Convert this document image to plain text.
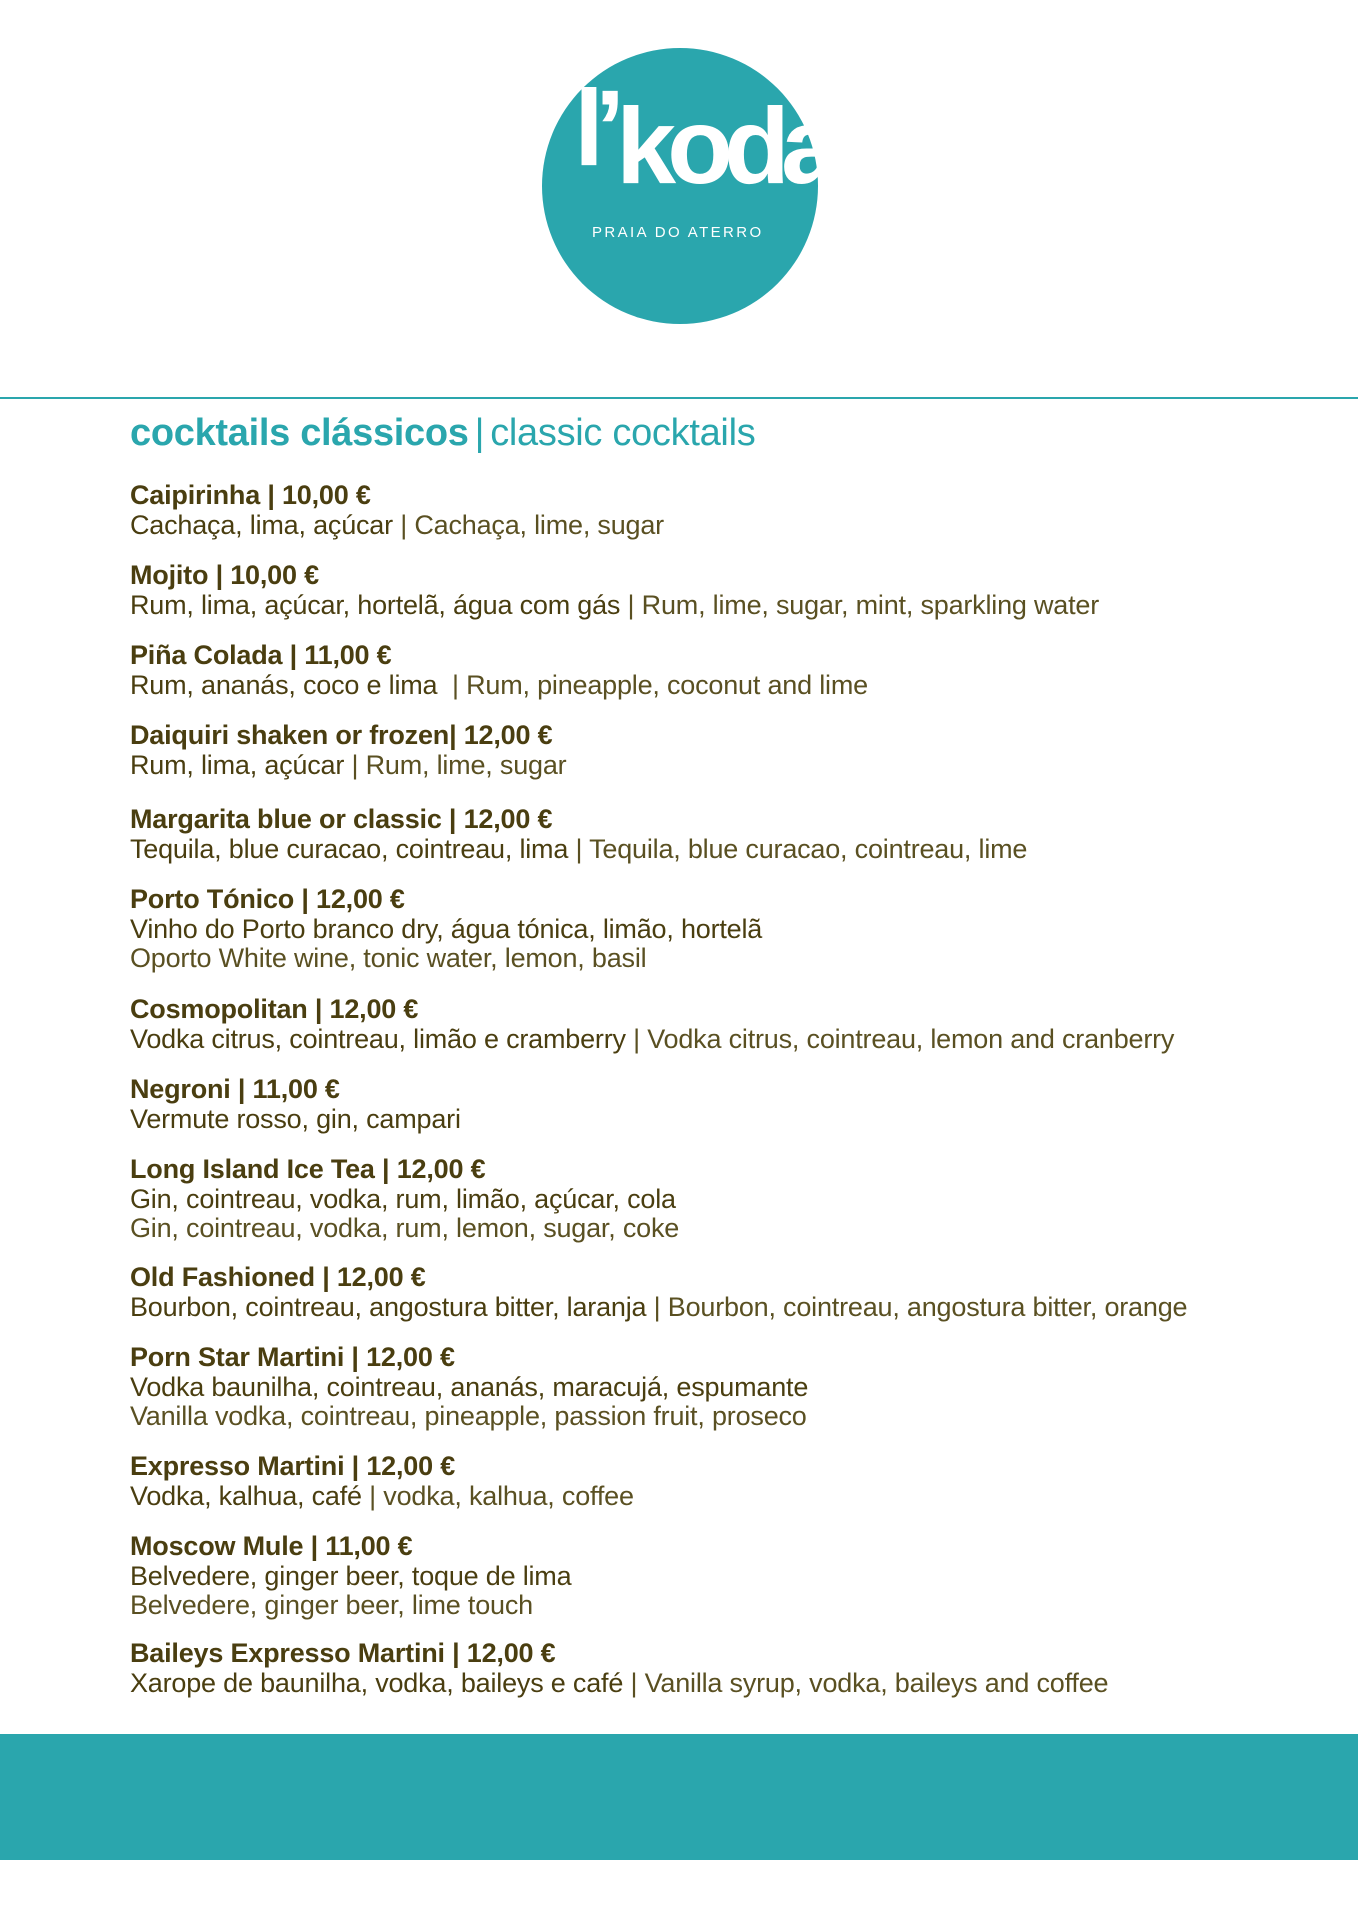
l’kodac
PRAIA DO ATERRO
cocktails clássicos | classic cocktails
Caipirinha | 10,00 €
Cachaça, lima, açúcar | Cachaça, lime, sugar
Mojito | 10,00 €
Rum, lima, açúcar, hortelã, água com gás | Rum, lime, sugar, mint, sparkling water
Piña Colada | 11,00 €
Rum, ananás, coco e lima  | Rum, pineapple, coconut and lime
Daiquiri shaken or frozen| 12,00 €
Rum, lima, açúcar | Rum, lime, sugar
Margarita blue or classic | 12,00 €
Tequila, blue curacao, cointreau, lima | Tequila, blue curacao, cointreau, lime
Porto Tónico | 12,00 €
Vinho do Porto branco dry, água tónica, limão, hortelã
Oporto White wine, tonic water, lemon, basil
Cosmopolitan | 12,00 €
Vodka citrus, cointreau, limão e cramberry | Vodka citrus, cointreau, lemon and cranberry
Negroni | 11,00 €
Vermute rosso, gin, campari
Long Island Ice Tea | 12,00 €
Gin, cointreau, vodka, rum, limão, açúcar, cola
Gin, cointreau, vodka, rum, lemon, sugar, coke
Old Fashioned | 12,00 €
Bourbon, cointreau, angostura bitter, laranja | Bourbon, cointreau, angostura bitter, orange
Porn Star Martini | 12,00 €
Vodka baunilha, cointreau, ananás, maracujá, espumante
Vanilla vodka, cointreau, pineapple, passion fruit, proseco
Expresso Martini | 12,00 €
Vodka, kalhua, café | vodka, kalhua, coffee
Moscow Mule | 11,00 €
Belvedere, ginger beer, toque de lima
Belvedere, ginger beer, lime touch
Baileys Expresso Martini | 12,00 €
Xarope de baunilha, vodka, baileys e café | Vanilla syrup, vodka, baileys and coffee
